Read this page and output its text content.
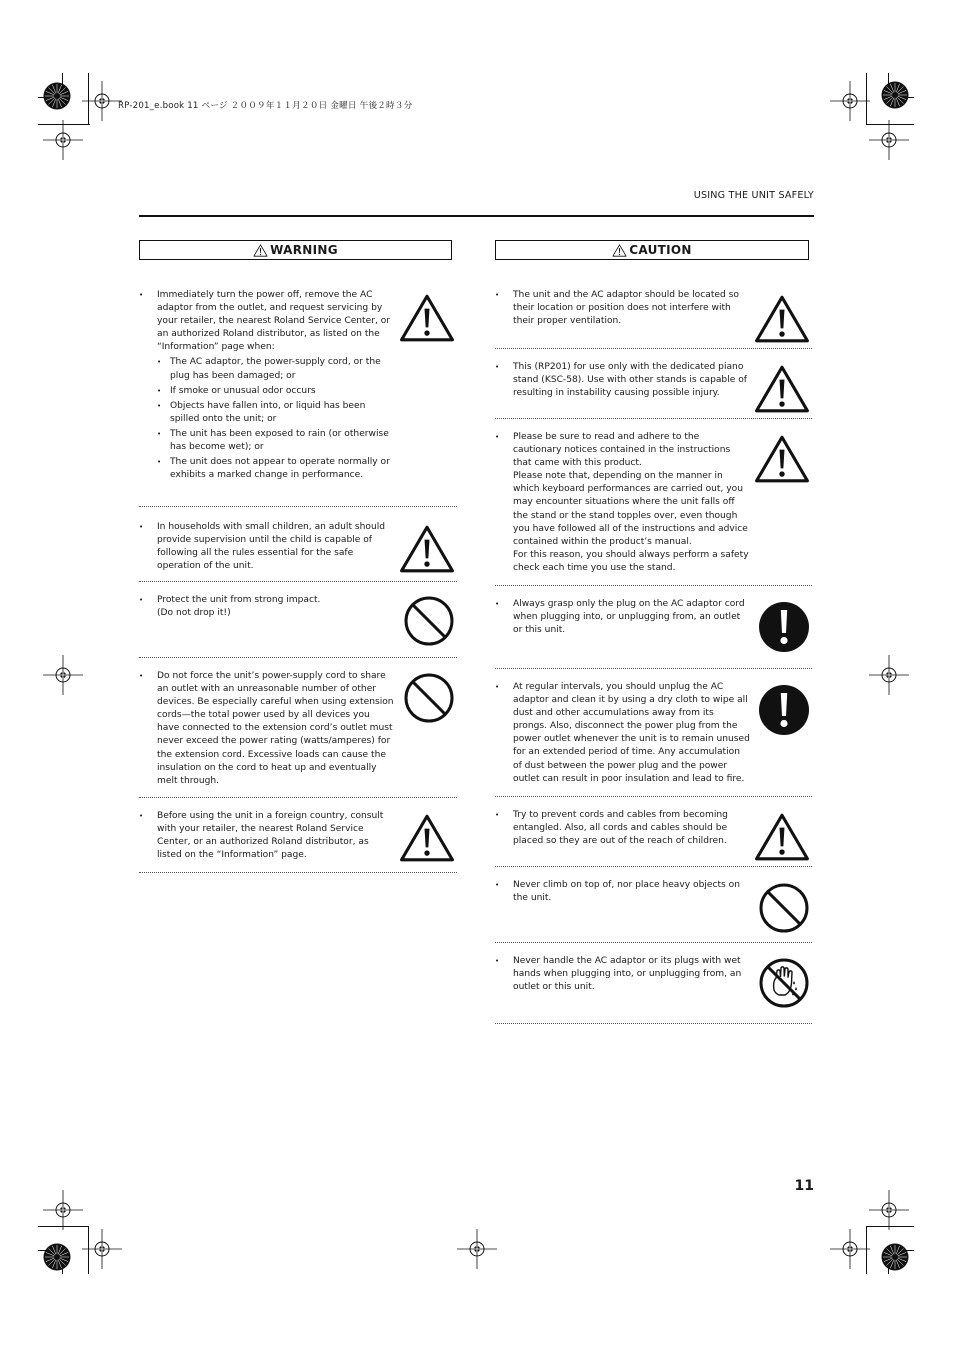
RP-201_e.book 11 ページ ２００９年１１月２０日 金曜日 午後２時３分
USING THE UNIT SAFELY
WARNING
• Immediately turn the power off, remove the AC adaptor from the outlet, and request servicing by your retailer, the nearest Roland Service Center, or an authorized Roland distributor, as listed on the “Information” page when:
• The AC adaptor, the power-supply cord, or the plug has been damaged; or
• If smoke or unusual odor occurs
• Objects have fallen into, or liquid has been spilled onto the unit; or
• The unit has been exposed to rain (or otherwise has become wet); or
• The unit does not appear to operate normally or exhibits a marked change in performance.
• In households with small children, an adult should provide supervision until the child is capable of following all the rules essential for the safe operation of the unit.
• Protect the unit from strong impact.
(Do not drop it!)
• Do not force the unit’s power-supply cord to share an outlet with an unreasonable number of other devices. Be especially careful when using extension cords—the total power used by all devices you have connected to the extension cord’s outlet must never exceed the power rating (watts/amperes) for the extension cord. Excessive loads can cause the insulation on the cord to heat up and eventually melt through.
• Before using the unit in a foreign country, consult with your retailer, the nearest Roland Service Center, or an authorized Roland distributor, as listed on the “Information” page.
CAUTION
• The unit and the AC adaptor should be located so their location or position does not interfere with their proper ventilation.
• This (RP201) for use only with the dedicated piano stand (KSC-58). Use with other stands is capable of resulting in instability causing possible injury.
• Please be sure to read and adhere to the cautionary notices contained in the instructions that came with this product.
Please note that, depending on the manner in which keyboard performances are carried out, you may encounter situations where the unit falls off the stand or the stand topples over, even though you have followed all of the instructions and advice contained within the product’s manual.
For this reason, you should always perform a safety check each time you use the stand.
• Always grasp only the plug on the AC adaptor cord when plugging into, or unplugging from, an outlet or this unit.
• At regular intervals, you should unplug the AC adaptor and clean it by using a dry cloth to wipe all dust and other accumulations away from its prongs. Also, disconnect the power plug from the power outlet whenever the unit is to remain unused for an extended period of time. Any accumulation of dust between the power plug and the power outlet can result in poor insulation and lead to fire.
• Try to prevent cords and cables from becoming entangled. Also, all cords and cables should be placed so they are out of the reach of children.
• Never climb on top of, nor place heavy objects on the unit.
• Never handle the AC adaptor or its plugs with wet hands when plugging into, or unplugging from, an outlet or this unit.
11
